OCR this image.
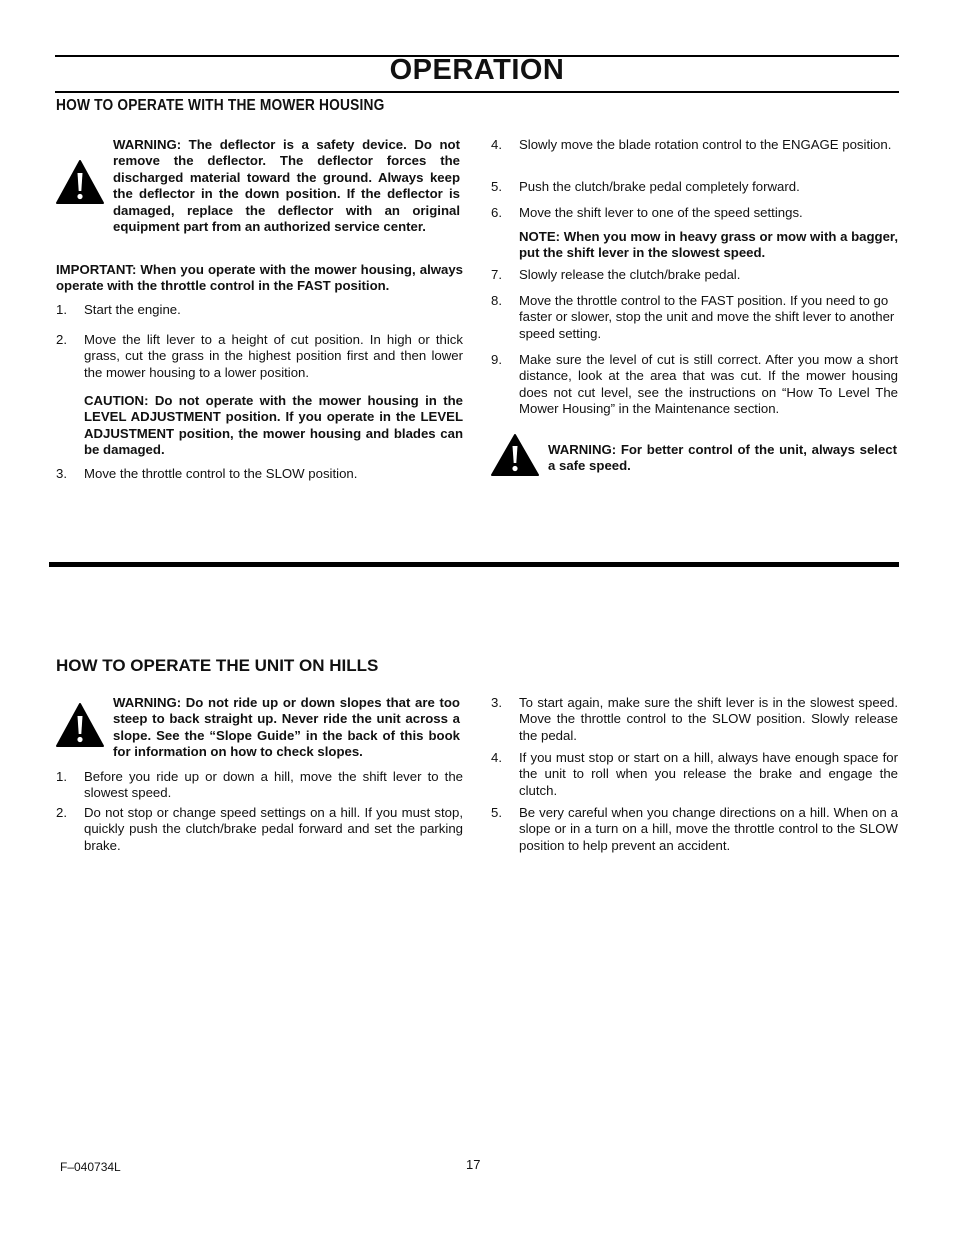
OPERATION
HOW TO OPERATE WITH THE MOWER HOUSING
WARNING: The deflector is a safety device. Do not remove the deflector. The deflector forces the discharged material toward the ground. Always keep the deflector in the down position. If the deflector is damaged, replace the deflector with an original equipment part from an authorized service center.
IMPORTANT: When you operate with the mower housing, always operate with the throttle control in the FAST position.
1. Start the engine.

2. Move the lift lever to a height of cut position. In high or thick grass, cut the grass in the highest position first and then lower the mower housing to a lower position.

CAUTION: Do not operate with the mower housing in the LEVEL ADJUSTMENT position. If you operate in the LEVEL ADJUSTMENT position, the mower housing and blades can be damaged.
3. Move the throttle control to the SLOW position.

4. Slowly move the blade rotation control to the ENGAGE position.

5. Push the clutch/brake pedal completely forward.

6. Move the shift lever to one of the speed settings.

NOTE: When you mow in heavy grass or mow with a bagger, put the shift lever in the slowest speed.
7. Slowly release the clutch/brake pedal.

8. Move the throttle control to the FAST position. If you need to go faster or slower, stop the unit and move the shift lever to another speed setting.

9. Make sure the level of cut is still correct. After you mow a short distance, look at the area that was cut. If the mower housing does not cut level, see the instructions on “How To Level The Mower Housing” in the Maintenance section.

WARNING: For better control of the unit, always select a safe speed.
HOW TO OPERATE THE UNIT ON HILLS
WARNING: Do not ride up or down slopes that are too steep to back straight up. Never ride the unit across a slope. See the “Slope Guide” in the back of this book for information on how to check slopes.
1. Before you ride up or down a hill, move the shift lever to the slowest speed.

2. Do not stop or change speed settings on a hill. If you must stop, quickly push the clutch/brake pedal forward and set the parking brake.

3. To start again, make sure the shift lever is in the slowest speed. Move the throttle control to the SLOW position. Slowly release the pedal.

4. If you must stop or start on a hill, always have enough space for the unit to roll when you release the brake and engage the clutch.

5. Be very careful when you change directions on a hill. When on a slope or in a turn on a hill, move the throttle control to the SLOW position to help prevent an accident.

F–040734L	17
